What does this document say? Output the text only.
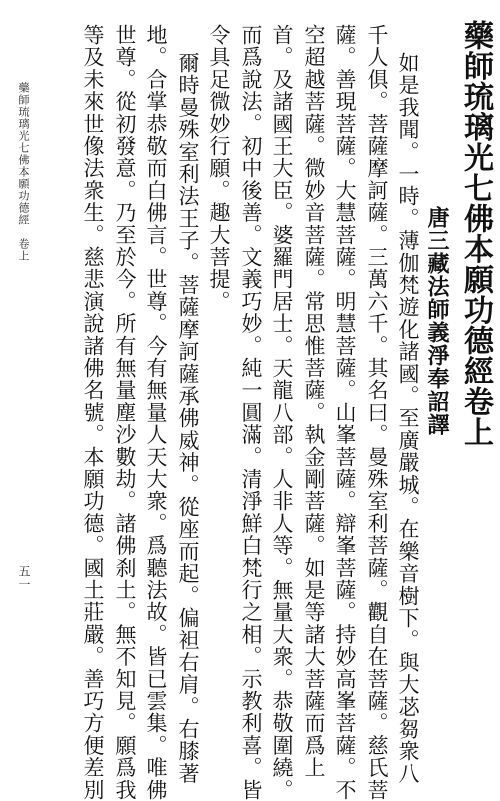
藥師琉璃光七佛本願功德經卷上
唐三藏法師義淨奉詔譯
如是我聞。一時。薄伽梵遊化諸國。至廣嚴城。在樂音樹下。與大苾芻衆八
千人俱。菩薩摩訶薩。三萬六千。其名曰。曼殊室利菩薩。觀自在菩薩。慈氏菩
薩。善現菩薩。大慧菩薩。明慧菩薩。山峯菩薩。辯峯菩薩。持妙高峯菩薩。不
空超越菩薩。微妙音菩薩。常思惟菩薩。執金剛菩薩。如是等諸大菩薩而爲上
首。及諸國王大臣。婆羅門居士。天龍八部。人非人等。無量大衆。恭敬圍繞。
而爲說法。初中後善。文義巧妙。純一圓滿。清淨鮮白梵行之相。示教利喜。皆
令具足微妙行願。趣大菩提。
爾時曼殊室利法王子。菩薩摩訶薩承佛威神。從座而起。偏袒右肩。右膝著
地。合掌恭敬而白佛言。世尊。今有無量人天大衆。爲聽法故。皆已雲集。唯佛
世尊。從初發意。乃至於今。所有無量塵沙數劫。諸佛刹土。無不知見。願爲我
等及未來世像法衆生。慈悲演說諸佛名號。本願功德。國土莊嚴。善巧方便差別
藥師琉璃光七佛本願功德經　卷上
五一
